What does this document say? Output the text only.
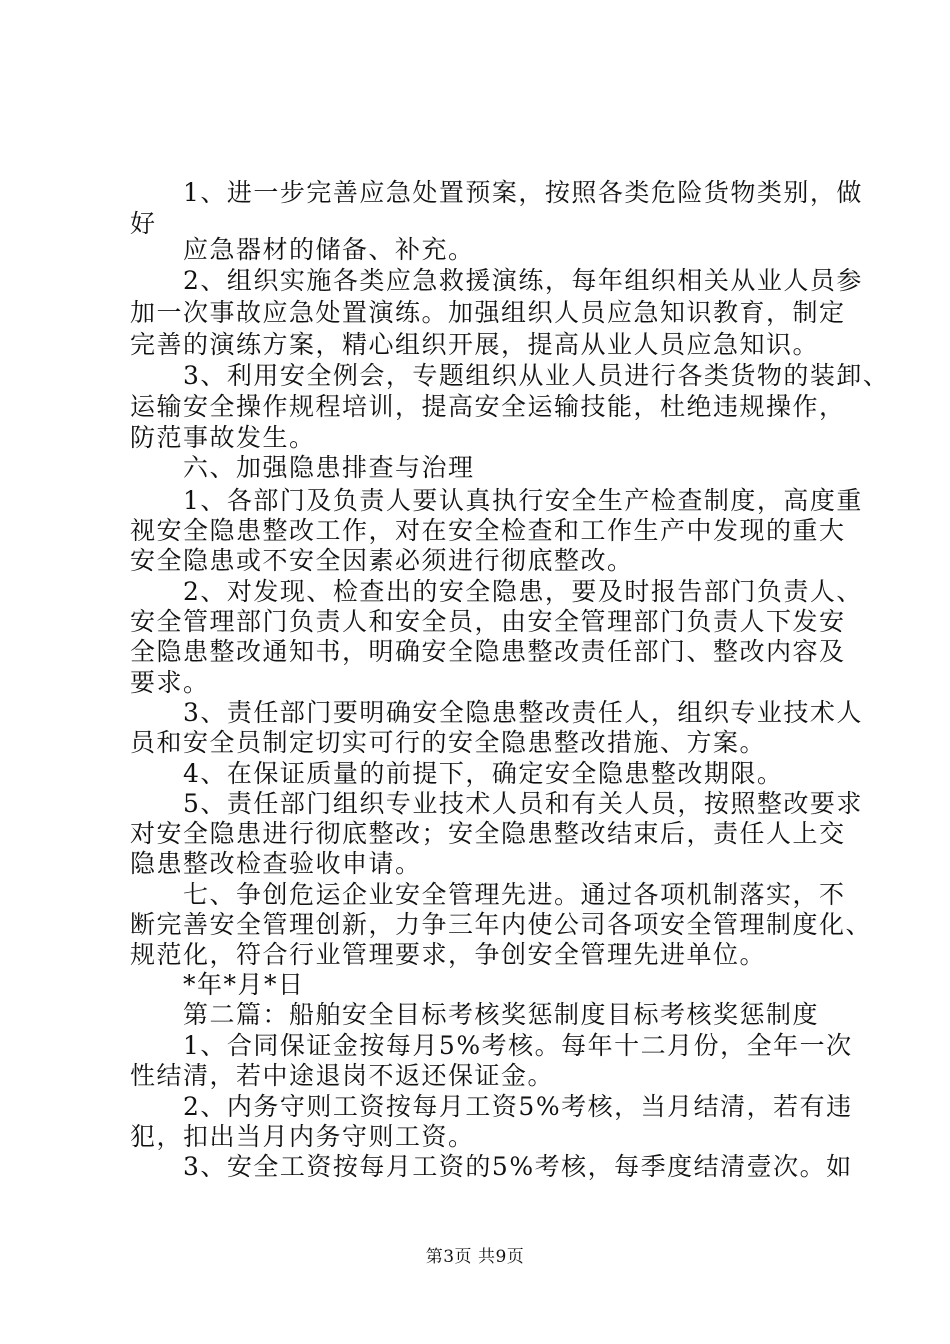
　　1、进一步完善应急处置预案，按照各类危险货物类别，做
好
　　应急器材的储备、补充。
　　2、组织实施各类应急救援演练，每年组织相关从业人员参
加一次事故应急处置演练。加强组织人员应急知识教育，制定
完善的演练方案，精心组织开展，提高从业人员应急知识。
　　3、利用安全例会，专题组织从业人员进行各类货物的装卸、
运输安全操作规程培训，提高安全运输技能，杜绝违规操作，
防范事故发生。
　　六、加强隐患排查与治理
　　1、各部门及负责人要认真执行安全生产检查制度，高度重
视安全隐患整改工作，对在安全检查和工作生产中发现的重大
安全隐患或不安全因素必须进行彻底整改。
　　2、对发现、检查出的安全隐患，要及时报告部门负责人、
安全管理部门负责人和安全员，由安全管理部门负责人下发安
全隐患整改通知书，明确安全隐患整改责任部门、整改内容及
要求。
　　3、责任部门要明确安全隐患整改责任人，组织专业技术人
员和安全员制定切实可行的安全隐患整改措施、方案。
　　4、在保证质量的前提下，确定安全隐患整改期限。
　　5、责任部门组织专业技术人员和有关人员，按照整改要求
对安全隐患进行彻底整改；安全隐患整改结束后，责任人上交
隐患整改检查验收申请。
　　七、争创危运企业安全管理先进。通过各项机制落实，不
断完善安全管理创新，力争三年内使公司各项安全管理制度化、
规范化，符合行业管理要求，争创安全管理先进单位。
　　*年*月*日
　　第二篇：船舶安全目标考核奖惩制度目标考核奖惩制度
　　1、合同保证金按每月5%考核。每年十二月份，全年一次
性结清，若中途退岗不返还保证金。
　　2、内务守则工资按每月工资5%考核，当月结清，若有违
犯，扣出当月内务守则工资。
　　3、安全工资按每月工资的5%考核，每季度结清壹次。如
第3页 共9页
